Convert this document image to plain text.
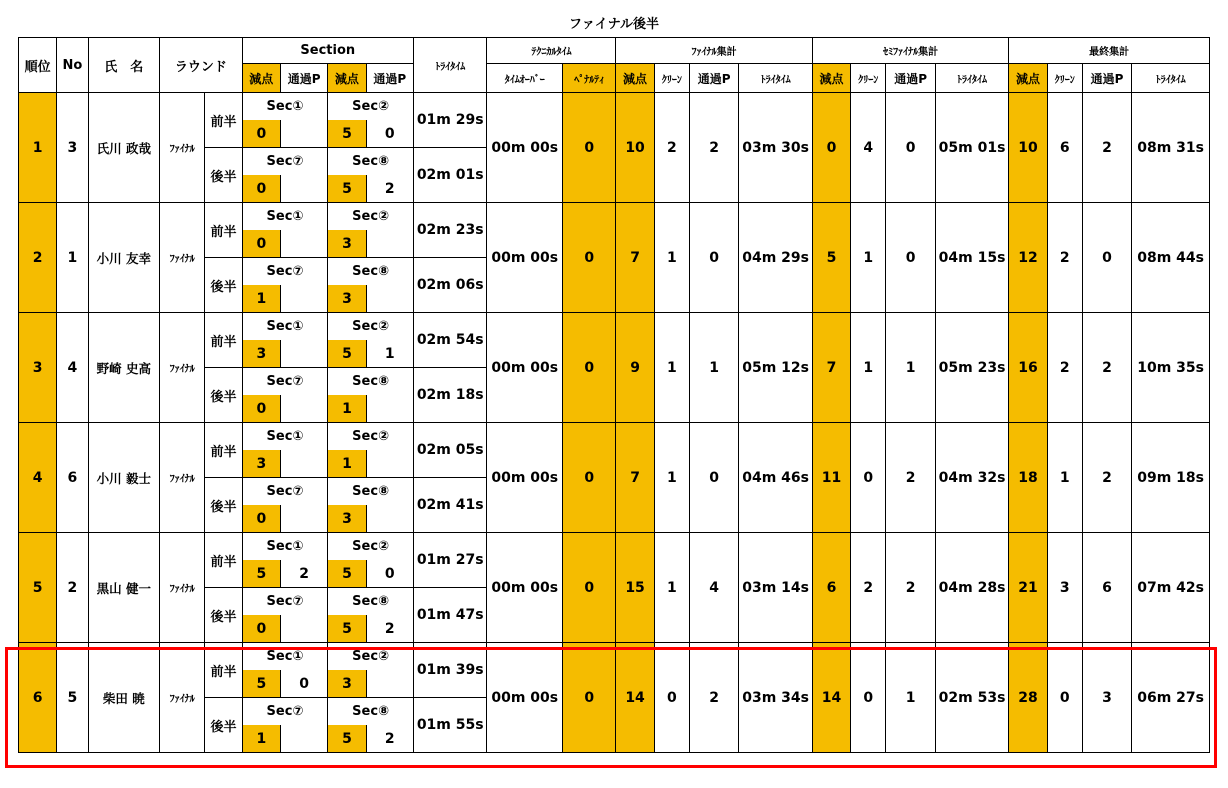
ファイナル後半
順位	No	氏　名	ラウンド		Section				ﾄﾗｲﾀｲﾑ	ﾃｸﾆｶﾙﾀｲﾑ		ﾌｧｲﾅﾙ集計				ｾﾐﾌｧｲﾅﾙ集計				最終集計			
					減点	通過P	減点	通過P		ﾀｲﾑｵｰﾊﾞｰ	ﾍﾟﾅﾙﾃｨ	減点	ｸﾘｰﾝ	通過P	ﾄﾗｲﾀｲﾑ	減点	ｸﾘｰﾝ	通過P	ﾄﾗｲﾀｲﾑ	減点	ｸﾘｰﾝ	通過P	ﾄﾗｲﾀｲﾑ
1	3	氏川 政哉	ﾌｧｲﾅﾙ	前半	Sec①		Sec②		01m 29s	00m 00s	0	10	2	2	03m 30s	0	4	0	05m 01s	10	6	2	08m 31s
					0		5	0															
				後半	Sec⑦		Sec⑧		02m 01s														
					0		5	2															
2	1	小川 友幸	ﾌｧｲﾅﾙ	前半	Sec①		Sec②		02m 23s	00m 00s	0	7	1	0	04m 29s	5	1	0	04m 15s	12	2	0	08m 44s
					0		3																
				後半	Sec⑦		Sec⑧		02m 06s														
					1		3																
3	4	野崎 史高	ﾌｧｲﾅﾙ	前半	Sec①		Sec②		02m 54s	00m 00s	0	9	1	1	05m 12s	7	1	1	05m 23s	16	2	2	10m 35s
					3		5	1															
				後半	Sec⑦		Sec⑧		02m 18s														
					0		1																
4	6	小川 毅士	ﾌｧｲﾅﾙ	前半	Sec①		Sec②		02m 05s	00m 00s	0	7	1	0	04m 46s	11	0	2	04m 32s	18	1	2	09m 18s
					3		1																
				後半	Sec⑦		Sec⑧		02m 41s														
					0		3																
5	2	黒山 健一	ﾌｧｲﾅﾙ	前半	Sec①		Sec②		01m 27s	00m 00s	0	15	1	4	03m 14s	6	2	2	04m 28s	21	3	6	07m 42s
					5	2	5	0															
				後半	Sec⑦		Sec⑧		01m 47s														
					0		5	2															
6	5	柴田 暁	ﾌｧｲﾅﾙ	前半	Sec①		Sec②		01m 39s	00m 00s	0	14	0	2	03m 34s	14	0	1	02m 53s	28	0	3	06m 27s
					5	0	3																
				後半	Sec⑦		Sec⑧		01m 55s														
					1		5	2															
